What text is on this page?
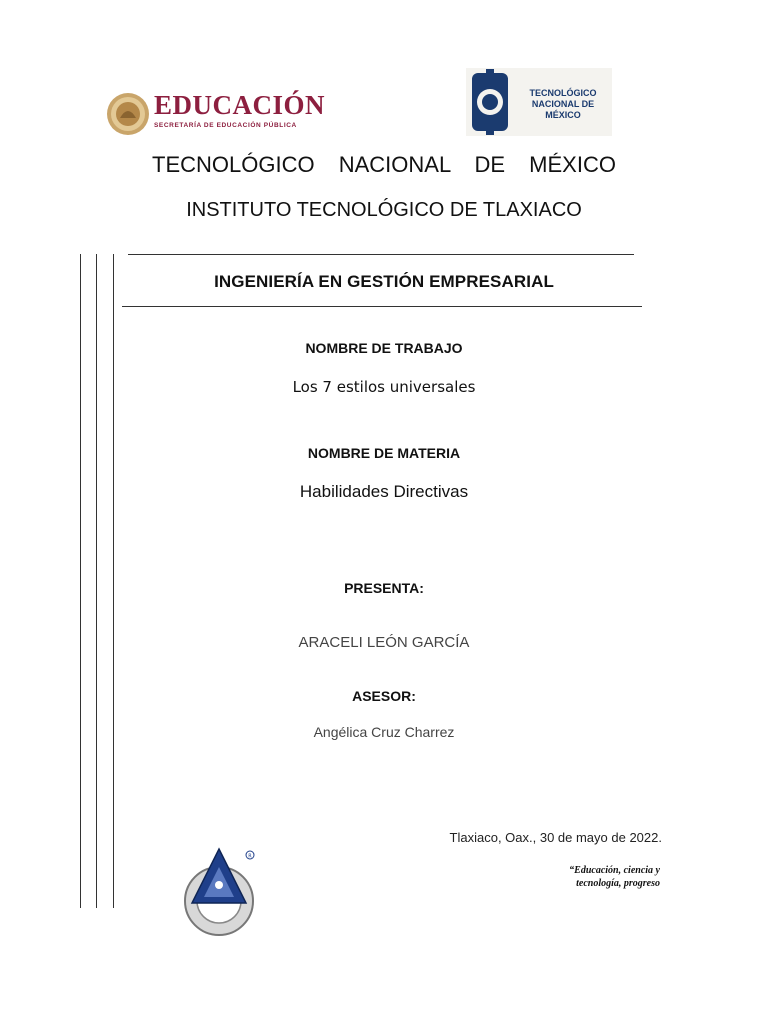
EDUCACIÓN
SECRETARÍA DE EDUCACIÓN PÚBLICA
TECNOLÓGICO
NACIONAL DE MÉXICO
TECNOLÓGICO NACIONAL DE MÉXICO
INSTITUTO TECNOLÓGICO DE TLAXIACO
INGENIERÍA EN GESTIÓN EMPRESARIAL
NOMBRE DE TRABAJO
Los 7 estilos universales
NOMBRE DE MATERIA
Habilidades Directivas
PRESENTA:
ARACELI LEÓN GARCÍA
ASESOR:
Angélica Cruz Charrez
Tlaxiaco, Oax., 30 de mayo de 2022.
“Educación, ciencia y
tecnología, progreso
R
